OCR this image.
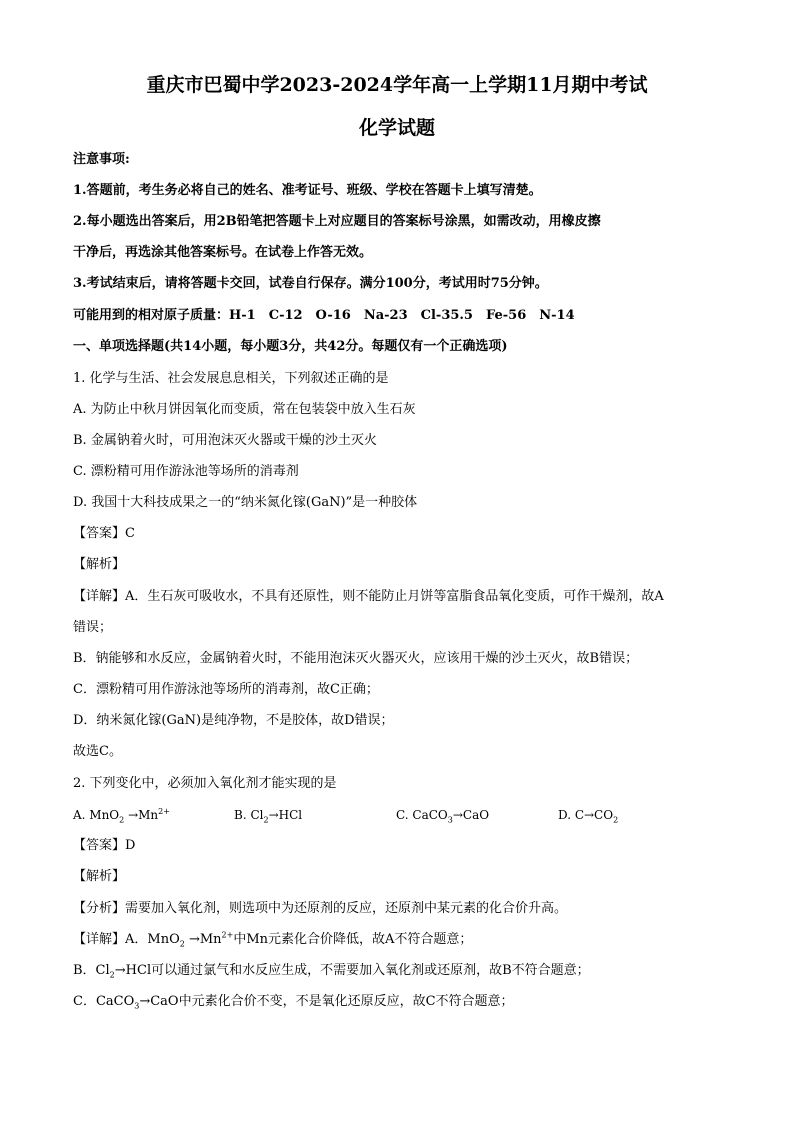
重庆市巴蜀中学2023-2024学年高一上学期11月期中考试
化学试题
注意事项:
1.答题前，考生务必将自己的姓名、准考证号、班级、学校在答题卡上填写清楚。
2.每小题选出答案后，用2B铅笔把答题卡上对应题目的答案标号涂黑，如需改动，用橡皮擦
干净后，再选涂其他答案标号。在试卷上作答无效。
3.考试结束后，请将答题卡交回，试卷自行保存。满分100分，考试用时75分钟。
可能用到的相对原子质量：H-1　C-12　O-16　Na-23　Cl-35.5　Fe-56　N-14
一、单项选择题(共14小题，每小题3分，共42分。每题仅有一个正确选项)
1. 化学与生活、社会发展息息相关，下列叙述正确的是
A. 为防止中秋月饼因氧化而变质，常在包装袋中放入生石灰
B. 金属钠着火时，可用泡沫灭火器或干燥的沙土灭火
C. 漂粉精可用作游泳池等场所的消毒剂
D. 我国十大科技成果之一的“纳米氮化镓(GaN)”是一种胶体
【答案】C
【解析】
【详解】A．生石灰可吸收水，不具有还原性，则不能防止月饼等富脂食品氧化变质，可作干燥剂，故A
错误；
B．钠能够和水反应，金属钠着火时，不能用泡沫灭火器灭火，应该用干燥的沙土灭火，故B错误；
C．漂粉精可用作游泳池等场所的消毒剂，故C正确；
D．纳米氮化镓(GaN)是纯净物，不是胶体，故D错误；
故选C。
2. 下列变化中，必须加入氧化剂才能实现的是
A. $MnO_2 \to Mn^{2+}$	B. $Cl_2\to HCl$	C. CaCO$_3$→CaO	D. $C\to CO_2$
【答案】D
【解析】
【分析】需要加入氧化剂，则选项中为还原剂的反应，还原剂中某元素的化合价升高。
【详解】A．$MnO_2 \to Mn^{2+}$中Mn元素化合价降低，故A不符合题意；
B．$Cl_2\to HCl$可以通过氯气和水反应生成，不需要加入氧化剂或还原剂，故B不符合题意；
C．CaCO$_3$→CaO中元素化合价不变，不是氧化还原反应，故C不符合题意；
